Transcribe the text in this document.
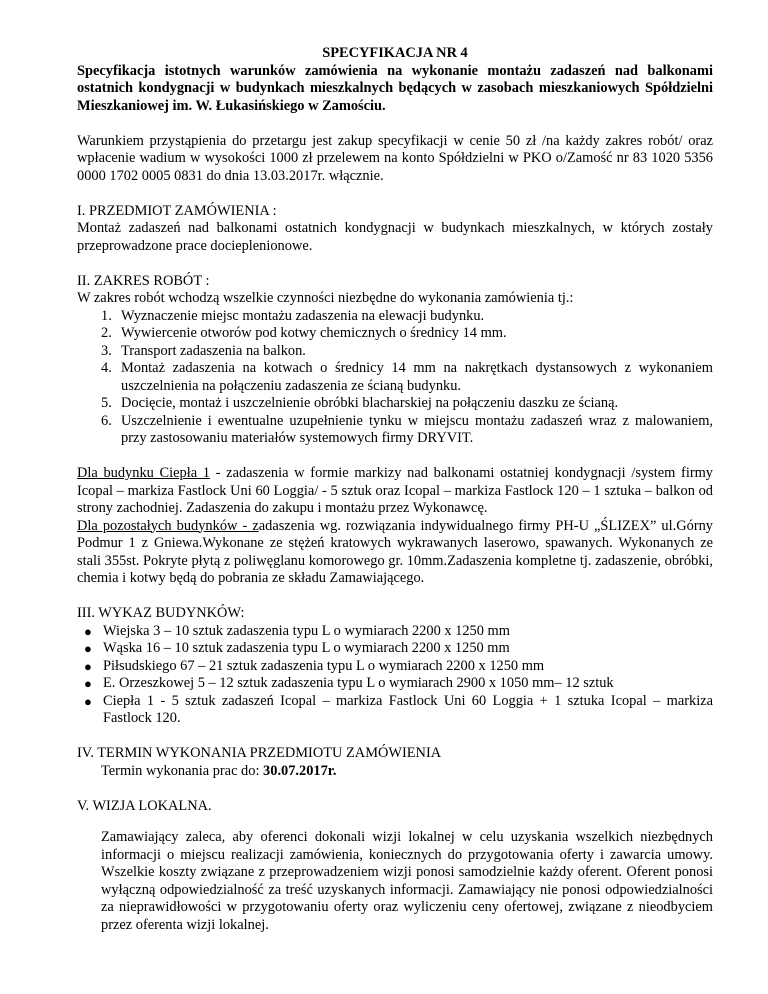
SPECYFIKACJA NR 4

Specyfikacja istotnych warunków zamówienia na wykonanie montażu zadaszeń nad balkonami ostatnich kondygnacji w budynkach mieszkalnych będących w zasobach mieszkaniowych Spółdzielni Mieszkaniowej im. W. Łukasińskiego w Zamościu.

Warunkiem przystąpienia do przetargu jest zakup specyfikacji w cenie 50 zł /na każdy zakres robót/ oraz wpłacenie wadium w wysokości 1000 zł przelewem na konto Spółdzielni w PKO o/Zamość nr 83 1020 5356 0000 1702 0005 0831 do dnia 13.03.2017r. włącznie.

I. PRZEDMIOT ZAMÓWIENIA :

Montaż zadaszeń nad balkonami ostatnich kondygnacji w budynkach mieszkalnych, w których zostały przeprowadzone prace docieplenionowe.

II. ZAKRES ROBÓT :

W zakres robót wchodzą wszelkie czynności niezbędne do wykonania zamówienia tj.:

1. Wyznaczenie miejsc montażu zadaszenia na elewacji budynku.
2. Wywiercenie otworów pod kotwy chemicznych o średnicy 14 mm.
3. Transport zadaszenia na balkon.
4. Montaż zadaszenia na kotwach o średnicy 14 mm na nakrętkach dystansowych z wykonaniem uszczelnienia na połączeniu zadaszenia ze ścianą budynku.
5. Docięcie, montaż i uszczelnienie obróbki blacharskiej na połączeniu daszku ze ścianą.
6. Uszczelnienie i ewentualne uzupełnienie tynku w miejscu montażu zadaszeń wraz z malowaniem, przy zastosowaniu materiałów systemowych firmy DRYVIT.

Dla budynku Ciepła 1 - zadaszenia w formie markizy nad balkonami ostatniej kondygnacji /system firmy Icopal – markiza Fastlock Uni 60 Loggia/ - 5 sztuk oraz Icopal – markiza Fastlock 120 – 1 sztuka – balkon od strony zachodniej. Zadaszenia do zakupu i montażu przez Wykonawcę.

Dla pozostałych budynków - zadaszenia wg. rozwiązania indywidualnego firmy PH-U „ŚLIZEX” ul.Górny Podmur 1 z Gniewa.Wykonane ze stężeń kratowych wykrawanych laserowo, spawanych. Wykonanych ze stali 355st. Pokryte płytą z poliwęglanu komorowego gr. 10mm.Zadaszenia kompletne tj. zadaszenie, obróbki, chemia i kotwy będą do pobrania ze składu Zamawiającego.

III. WYKAZ BUDYNKÓW:

● Wiejska 3 – 10 sztuk zadaszenia typu L o wymiarach 2200 x 1250 mm
● Wąska 16 – 10 sztuk zadaszenia typu L o wymiarach 2200 x 1250 mm
● Piłsudskiego 67 – 21 sztuk zadaszenia typu L o wymiarach 2200 x 1250 mm
● E. Orzeszkowej 5 – 12 sztuk zadaszenia typu L o wymiarach 2900 x 1050 mm– 12 sztuk
● Ciepła 1 - 5 sztuk zadaszeń Icopal – markiza Fastlock Uni 60 Loggia + 1 sztuka Icopal – markiza Fastlock 120.

IV. TERMIN WYKONANIA PRZEDMIOTU ZAMÓWIENIA

Termin wykonania prac do: 30.07.2017r.

V. WIZJA LOKALNA.

Zamawiający zaleca, aby oferenci dokonali wizji lokalnej w celu uzyskania wszelkich niezbędnych informacji o miejscu realizacji zamówienia, koniecznych do przygotowania oferty i zawarcia umowy. Wszelkie koszty związane z przeprowadzeniem wizji ponosi samodzielnie każdy oferent. Oferent ponosi wyłączną odpowiedzialność za treść uzyskanych informacji. Zamawiający nie ponosi odpowiedzialności za nieprawidłowości w przygotowaniu oferty oraz wyliczeniu ceny ofertowej, związane z nieodbyciem przez oferenta wizji lokalnej.
